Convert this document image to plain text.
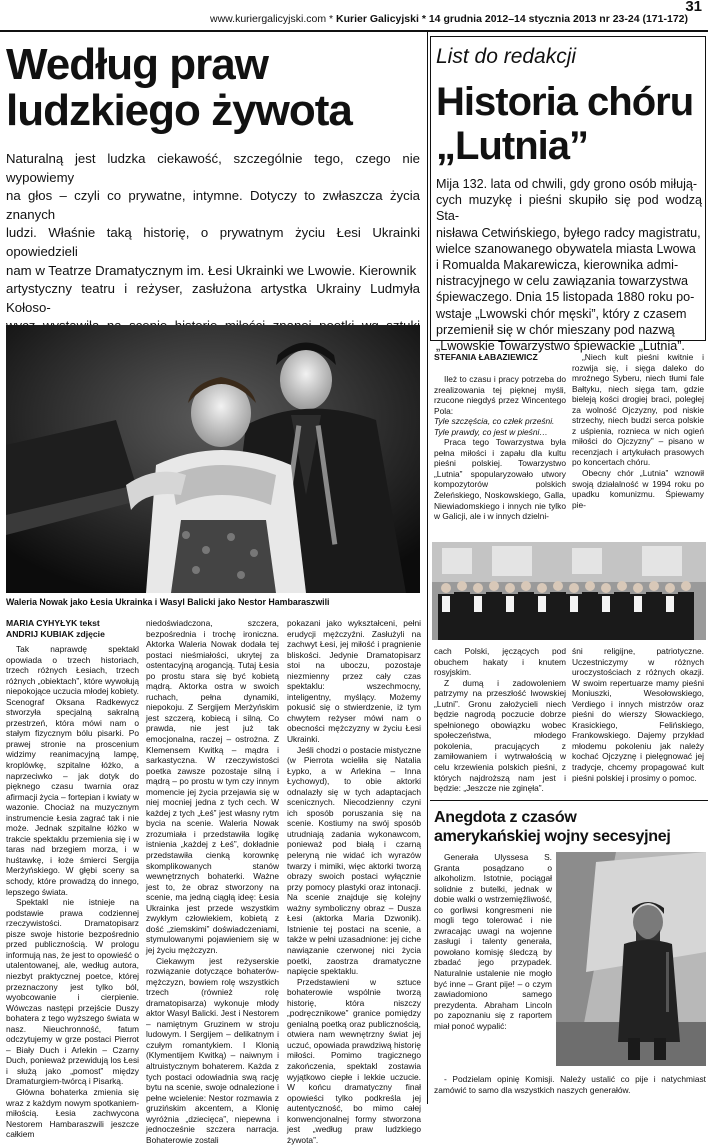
www.kuriergalicyjski.com * Kurier Galicyjski * 14 grudnia 2012–14 stycznia 2013 nr 23-24 (171-172)
31
Według praw
ludzkiego żywota
Naturalną jest ludzka ciekawość, szczególnie tego, czego nie wypowiemy
na głos – czyli co prywatne, intymne. Dotyczy to zwłaszcza życia znanych
ludzi. Właśnie taką historię, o prywatnym życiu Łesi Ukrainki opowiedzieli
nam w Teatrze Dramatycznym im. Łesi Ukrainki we Lwowie. Kierownik
artystyczny teatru i reżyser, zasłużona artystka Ukrainy Ludmyła Kołoso-
Waleria Nowak jako Łesia Ukrainka i Wasyl Balicki jako Nestor Hambaraszwili
MARIA CYHYŁYK tekst
ANDRIJ KUBIAK zdjęcie

Tak naprawdę spektakl opowiada o trzech historiach, trzech różnych Łesiach, trzech różnych „obiektach”, które wywołują niepokojące uczucia młodej kobiety. Scenograf Oksana Radkewycz stworzyła specjalną sakralną przestrzeń, która mówi nam o stałym fizycznym bólu pisarki. Po prawej stronie na proscenium widzimy reanimacyjną lampę, kroplówkę, szpitalne łóżko, a naprzeciwko – jak dotyk do pięknego czasu twarnia oraz afirmacji życia – fortepian i kwiaty w wazonie. Chociaż na muzycznym instrumencie Łesia zagrać tak i nie może. Jednak szpitalne łóżko w trakcie spektaklu przemienia się i w taras nad brzegiem morza, i w huśtawkę, i łoże śmierci Sergija Merżyńskiego. W głębi sceny sa schody, które prowadzą do innego, lepszego świata.

Spektakl nie istnieje na podstawie prawa codziennej rzeczywistości. Dramatopisarz pisze swoje historie bezpośrednio przed publicznością. W prologu informują nas, że jest to opowieść o utalentowanej, ale, według autora, niezbyt praktycznej poetce, której przeznaczony jest tylko ból, wyobcowanie i cierpienie. Wówczas następi przejście Duszy bohatera z tego wyższego świata w nasz. Nieuchronność, fatum odczytujemy w grze postaci Pierrot – Biały Duch i Arlekin – Czarny Duch, ponieważ przewidują los Łesi i służą jako „pomost” między Dramaturgiem-twórcą i Pisarką.

Główna bohaterka zmienia się wraz z każdym nowym spotkaniem-miłością. Łesia zachwycona Nestorem Hambaraszwili jeszcze całkiem

niedoświadczona, szczera, bezpośrednia i trochę ironiczna. Aktorka Waleria Nowak dodała tej postaci nieśmiałości, ukrytej za ostentacyjną arogancją. Tutaj Łesia po prostu stara się być kobietą mądrą. Aktorka ostra w swoich ruchach, pełna dynamiki, niepokoju. Z Sergijem Merżyńskim jest szczerą, kobiecą i silną. Co prawda, nie jest już tak emocjonalna, raczej – ostrożna. Z Klemensem Kwitką – mądra i sarkastyczna. W rzeczywistości poetka zawsze pozostaje silną i mądrą – po prostu w tym czy innym momencie jej życia przejawia się w niej mocniej jedna z tych cech. W każdej z tych „Łeś” jest własny rytm bycia na scenie. Waleria Nowak zrozumiała i przedstawiła logikę istnienia „każdej z Łeś”, dokładnie przedstawiła cienką korownkę skomplikowanych stanów wewnętrznych bohaterki. Ważne jest to, że obraz stworzony na scenie, ma jedną ciągłą ideę: Łesia Ukrainka jest przede wszystkim zwykłym człowiekiem, kobietą z dość „ziemskimi” doświadczeniami, stymulowanymi pojawieniem się w jej życiu mężczyzn.

Ciekawym jest reżyserskie rozwiązanie dotyczące bohaterów-mężczyzn, bowiem rolę wszystkich trzech (również rolę dramatopisarza) wykonuje młody aktor Wasyl Balicki. Jest i Nestorem – namiętnym Gruzinem w stroju ludowym. I Sergijem – delikatnym i czułym romantykiem. I Klonią (Klymentijem Kwitką) – naiwnym i altruistycznym bohaterem. Każda z tych postaci odowiadnia swą rację bytu na scenie, swoje odnalezione i pełne wcielenie: Nestor rozmawia z gruzińskim akcentem, a Klonię wyróżnia „dziecięca”, niepewna i jednocześnie szczera narracja. Bohaterowie zostali

pokazani jako wykształceni, pełni erudycji mężczyźni. Zasłużyli na zachwyt Łesi, jej miłość i pragnienie bliskości. Jedynie Dramatopisarz stoi na uboczu, pozostaje niezmienny przez cały czas spektaklu: wszechmocny, inteligentny, myślący. Możemy pokusić się o stwierdzenie, iż tym chwytem reżyser mówi nam o obecności mężczyzny w życiu Łesi Ukrainki.

Jeśli chodzi o postacie mistyczne (w Pierrota wcieliła się Natalia Łypko, a w Arlekina – Inna Łychowyd), to obie aktorki odnalazły się w tych adaptacjach scenicznych. Niecodzienny czyni ich sposób poruszania się na scenie. Kostiumy na swój sposób utrudniają zadania wykonawcom, ponieważ pod białą i czarną peleryną nie widać ich wyrazów twarzy i mimiki, więc aktorki tworzą obrazy swoich postaci wyłącznie przy pomocy plastyki oraz intonacji. Na scenie znajduje się kolejny ważny symboliczny obraz – Dusza Łesi (aktorka Maria Dzwonik). Istnienie tej postaci na scenie, a także w pełni uzasadnione: jej ciche nawiązanie czerwonej nici życia poetki, zaostrza dramatyczne napięcie spektaklu.

Przedstawieni w sztuce bohaterowie wspólnie tworzą historię, która niszczy „podręcznikowe” granice pomiędzy genialną poetką oraz publicznością, otwiera nam wewnętrzny świat jej uczuć, opowiada prawdziwą historię miłości. Pomimo tragicznego zakończenia, spektakl zostawia wyjątkowo ciepłe i lekkie uczucie. W końcu dramatyczny finał opowieści tylko podkreśla jej autentyczność, bo mimo całej konwencjonalnej formy stworzona jest „według praw ludzkiego żywota”.

List do redakcji
Historia chóru
„Lutnia”
Mija 132. lata od chwili, gdy grono osób miłują-
cych muzykę i pieśni skupiło się pod wodzą Sta-
nisława Cetwińskiego, byłego radcy magistratu,
wielce szanowanego obywatela miasta Lwowa
i Romualda Makarewicza, kierownika admi-
nistracyjnego w celu zawiązania towarzystwa
śpiewaczego. Dnia 15 listopada 1880 roku po-
wstaje „Lwowski chór męski”, który z czasem
przemienił się w chór mieszany pod nazwą
„Lwowskie Towarzystwo śpiewackie „Lutnia”.
STEFANIA ŁABAZIEWICZ

Ileż to czasu i pracy potrzeba do zrealizowania tej pięknej myśli, rzucone niegdyś przez Wincentego Pola:

Tyle szczęścia, co człek prześni.

Tyle prawdy, co jest w pieśni…

Praca tego Towarzystwa była pełna miłości i zapału dla kultu pieśni polskiej. Towarzystwo „Lutnia” spopularyzowało utwory kompozytorów polskich Żeleńskiego, Noskowskiego, Galla, Niewiadomskiego i innych nie tylko w Galicji, ale i w innych dzielni-

„Niech kult pieśni kwitnie i rozwija się, i sięga daleko do mroźnego Syberu, niech tłumi fale Bałtyku, niech sięga tam, gdzie bieleją kości drogiej braci, poległej za wolność Ojczyzny, pod niskie strzechy, niech budzi serca polskie z uśpienia, rozniecа w nich ogień miłości do Ojczyzny” – pisano w recenzjach i artykułach prasowych po koncertach chóru.

Obecny chór „Lutnia” wznowił swoją działalność w 1994 roku po upadku komunizmu. Śpiewamy pie-

cach Polski, jęczących pod obuchem hakaty i knutem rosyjskim.

Z dumą i zadowoleniem patrzymy na przeszłość lwowskiej „Lutni”. Gronu założycieli niech będzie nagrodą poczucie dobrze spełnionego obowiązku wobec społeczeństwa, młodego pokolenia, pracujących z zamiłowaniem i wytrwałością w celu krzewienia polskich pieśni, z których najdroższą nam jest i będzie: „Jeszcze nie zginęła”.

śni religijne, patriotyczne. Uczestniczymy w różnych uroczystościach z różnych okazji. W swoim repertuarze mamy pieśni Moniuszki, Wesołowskiego, Verdiego i innych mistrzów oraz pieśni do wierszy Słowackiego, Krasickiego, Felińskiego, Frankowskiego. Dajemy przykład młodemu pokoleniu jak należy kochać Ojczyznę i pielęgnować jej tradycje, chcemy propagować kult pieśni polskiej i prosimy o pomoc.

Anegdota z czasów
amerykańskiej wojny secesyjnej

Generała Ulyssesa S. Granta posądzano o alkoholizm. Istotnie, pociągał solidnie z butelki, jednak w dobie walki o wstrzemięźliwość, co gorliwsi kongresmeni nie mogli tego tolerować i nie zwracając uwagi na wojenne zasługi i talenty generała, powołano komisję śledczą by zbadać jego przypadek. Naturalnie ustalenie nie mogło być inne – Grant pije! – o czym zawiadomiono samego prezydenta. Abraham Lincoln po zapoznaniu się z raportem miał ponoć wypalić:

- Podzielam opinię Komisji. Należy ustalić co pije i natychmiast zamówić to samo dla wszystkich naszych generałów.
